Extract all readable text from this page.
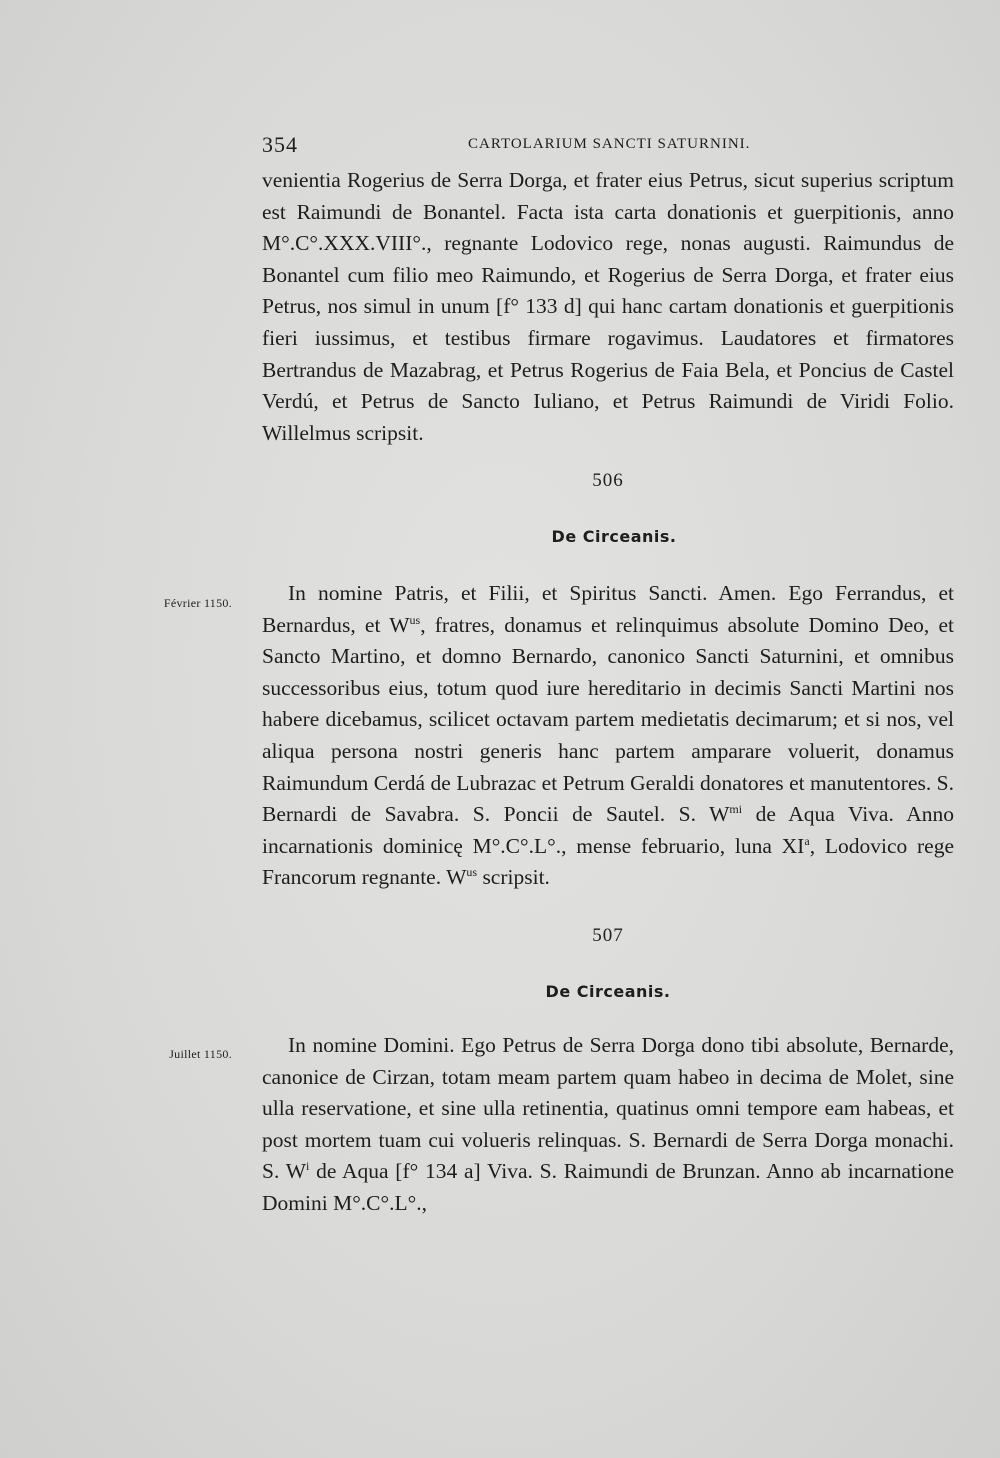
354	CARTOLARIUM SANCTI SATURNINI.

venientia Rogerius de Serra Dorga, et frater eius Petrus, sicut superius scriptum est Raimundi de Bonantel. Facta ista carta donationis et guerpitionis, anno M°.C°.XXX.VIII°., regnante Lodovico rege, nonas augusti. Raimundus de Bonantel cum filio meo Raimundo, et Rogerius de Serra Dorga, et frater eius Petrus, nos simul in unum [f° 133 d] qui hanc cartam donationis et guerpitionis fieri iussimus, et testibus firmare rogavimus. Laudatores et firmatores Bertrandus de Mazabrag, et Petrus Rogerius de Faia Bela, et Poncius de Castel Verdú, et Petrus de Sancto Iuliano, et Petrus Raimundi de Viridi Folio. Willelmus scripsit.

506
De Circeanis.
Février 1150.	In nomine Patris, et Filii, et Spiritus Sancti. Amen. Ego Ferrandus, et Bernardus, et $W^{us}$, fratres, donamus et relinquimus absolute Domino Deo, et Sancto Martino, et domno Bernardo, canonico Sancti Saturnini, et omnibus successoribus eius, totum quod iure hereditario in decimis Sancti Martini nos habere dicebamus, scilicet octavam partem medietatis decimarum; et si nos, vel aliqua persona nostri generis hanc partem amparare voluerit, donamus Raimundum Cerdá de Lubrazac et Petrum Geraldi donatores et manutentores. S. Bernardi de Savabra. S. Poncii de Sautel. S. $W^{mi}$ de Aqua Viva. Anno incarnationis dominicę M°.C°.L°., mense februario, luna $XI^a$, Lodovico rege Francorum regnante. $W^{us}$ scripsit.

507
De Circeanis.
Juillet 1150.	In nomine Domini. Ego Petrus de Serra Dorga dono tibi absolute, Bernarde, canonice de Cirzan, totam meam partem quam habeo in decima de Molet, sine ulla reservatione, et sine ulla retinentia, quatinus omni tempore eam habeas, et post mortem tuam cui volueris relinquas. S. Bernardi de Serra Dorga monachi. S. $W^i$ de Aqua [f° 134 a] Viva. S. Raimundi de Brunzan. Anno ab incarnatione Domini M°.C°.L°.,
